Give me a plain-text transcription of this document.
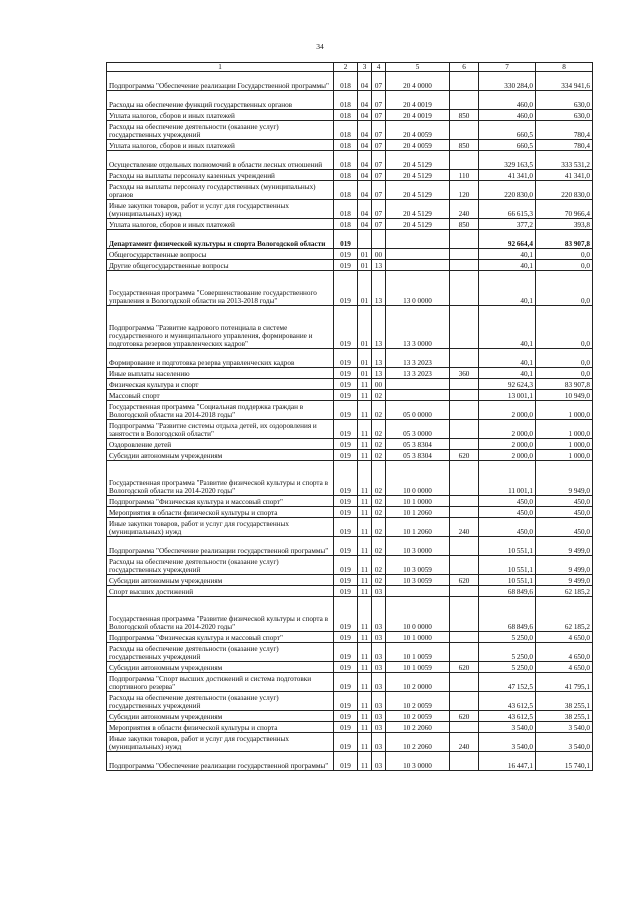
34
1	2	3	4	5	6	7	8
Подпрограмма "Обеспечение реализации Государственной программы"	018	04	07	20 4 0000		330 284,0	334 941,6
Расходы на обеспечение функций государственных органов	018	04	07	20 4 0019		460,0	630,0
Уплата налогов, сборов и иных платежей	018	04	07	20 4 0019	850	460,0	630,0
Расходы на обеспечение деятельности (оказание услуг) государственных учреждений	018	04	07	20 4 0059		660,5	780,4
Уплата налогов, сборов и иных платежей	018	04	07	20 4 0059	850	660,5	780,4
Осуществление отдельных полномочий в области лесных отношений	018	04	07	20 4 5129		329 163,5	333 531,2
Расходы на выплаты персоналу казенных учреждений	018	04	07	20 4 5129	110	41 341,0	41 341,0
Расходы на выплаты персоналу государственных (муниципальных) органов	018	04	07	20 4 5129	120	220 830,0	220 830,0
Иные закупки товаров, работ и услуг для государственных (муниципальных) нужд	018	04	07	20 4 5129	240	66 615,3	70 966,4
Уплата налогов, сборов и иных платежей	018	04	07	20 4 5129	850	377,2	393,8
Департамент физической культуры и спорта Вологодской области	019					92 664,4	83 907,8
Общегосударственные вопросы	019	01	00			40,1	0,0
Другие общегосударственные вопросы	019	01	13			40,1	0,0
Государственная программа "Совершенствование государственного управления в Вологодской области на 2013-2018 годы"	019	01	13	13 0 0000		40,1	0,0
Подпрограмма "Развитие кадрового потенциала в системе государственного и муниципального управления, формирование и подготовка резервов управленческих кадров"	019	01	13	13 3 0000		40,1	0,0
Формирование и подготовка резерва управленческих кадров	019	01	13	13 3 2023		40,1	0,0
Иные выплаты населению	019	01	13	13 3 2023	360	40,1	0,0
Физическая культура и спорт	019	11	00			92 624,3	83 907,8
Массовый спорт	019	11	02			13 001,1	10 949,0
Государственная программа "Социальная поддержка граждан в Вологодской области на 2014-2018 годы"	019	11	02	05 0 0000		2 000,0	1 000,0
Подпрограмма "Развитие системы отдыха детей, их оздоровления и занятости в Вологодской области"	019	11	02	05 3 0000		2 000,0	1 000,0
Оздоровление детей	019	11	02	05 3 8304		2 000,0	1 000,0
Субсидии автономным учреждениям	019	11	02	05 3 8304	620	2 000,0	1 000,0
Государственная программа "Развитие физической культуры и спорта в Вологодской области на 2014-2020 годы"	019	11	02	10 0 0000		11 001,1	9 949,0
Подпрограмма "Физическая культура и массовый спорт"	019	11	02	10 1 0000		450,0	450,0
Мероприятия в области физической культуры и спорта	019	11	02	10 1 2060		450,0	450,0
Иные закупки товаров, работ и услуг для государственных (муниципальных) нужд	019	11	02	10 1 2060	240	450,0	450,0
Подпрограмма "Обеспечение реализации государственной программы"	019	11	02	10 3 0000		10 551,1	9 499,0
Расходы на обеспечение деятельности (оказание услуг) государственных учреждений	019	11	02	10 3 0059		10 551,1	9 499,0
Субсидии автономным учреждениям	019	11	02	10 3 0059	620	10 551,1	9 499,0
Спорт высших достижений	019	11	03			68 849,6	62 185,2
Государственная программа "Развитие физической культуры и спорта в Вологодской области на 2014-2020 годы"	019	11	03	10 0 0000		68 849,6	62 185,2
Подпрограмма "Физическая культура и массовый спорт"	019	11	03	10 1 0000		5 250,0	4 650,0
Расходы на обеспечение деятельности (оказание услуг) государственных учреждений	019	11	03	10 1 0059		5 250,0	4 650,0
Субсидии автономным учреждениям	019	11	03	10 1 0059	620	5 250,0	4 650,0
Подпрограмма "Спорт высших достижений и система подготовки спортивного резерва"	019	11	03	10 2 0000		47 152,5	41 795,1
Расходы на обеспечение деятельности (оказание услуг) государственных учреждений	019	11	03	10 2 0059		43 612,5	38 255,1
Субсидии автономным учреждениям	019	11	03	10 2 0059	620	43 612,5	38 255,1
Мероприятия в области физической культуры и спорта	019	11	03	10 2 2060		3 540,0	3 540,0
Иные закупки товаров, работ и услуг для государственных (муниципальных) нужд	019	11	03	10 2 2060	240	3 540,0	3 540,0
Подпрограмма "Обеспечение реализации государственной программы"	019	11	03	10 3 0000		16 447,1	15 740,1
